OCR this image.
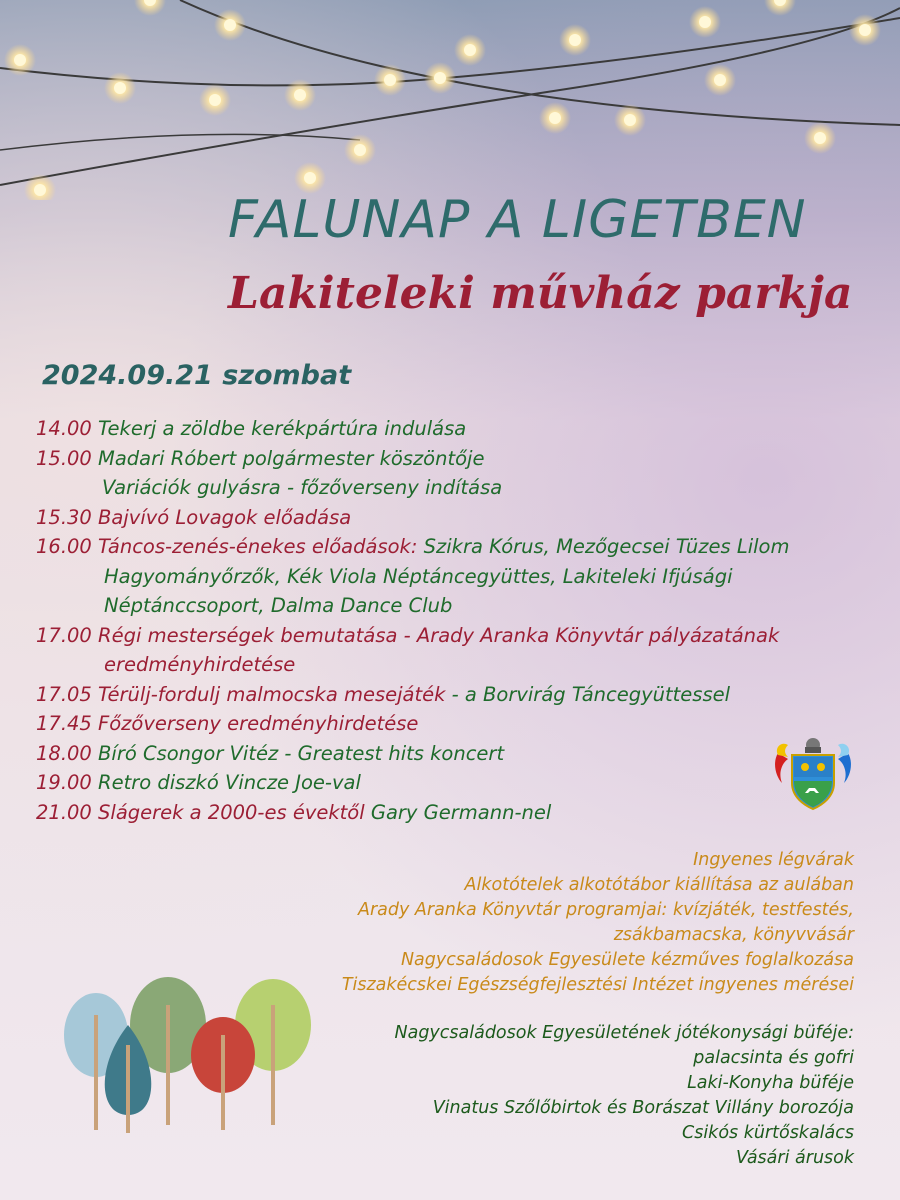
FALUNAP A LIGETBEN
Lakiteleki művház parkja
2024.09.21 szombat
14.00 Tekerj a zöldbe kerékpártúra indulása
15.00 Madari Róbert polgármester köszöntője
Variációk gulyásra - főzőverseny indítása
15.30 Bajvívó Lovagok előadása
16.00 Táncos-zenés-énekes előadások: Szikra Kórus, Mezőgecsei Tüzes Lilom
Hagyományőrzők, Kék Viola Néptáncegyüttes, Lakiteleki Ifjúsági
Néptánccsoport, Dalma Dance Club
17.00 Régi mesterségek bemutatása - Arady Aranka Könyvtár pályázatának
eredményhirdetése
17.05 Térülj-fordulj malmocska mesejáték - a Borvirág Táncegyüttessel
17.45 Főzőverseny eredményhirdetése
18.00 Bíró Csongor Vitéz - Greatest hits koncert
19.00 Retro diszkó Vincze Joe-val
21.00 Slágerek a 2000-es évektől Gary Germann-nel
Ingyenes légvárak
Alkotótelek alkotótábor kiállítása az aulában
Arady Aranka Könyvtár programjai: kvízjáték, testfestés,
zsákbamacska, könyvvásár
Nagycsaládosok Egyesülete kézműves foglalkozása
Tiszakécskei Egészségfejlesztési Intézet ingyenes mérései
Nagycsaládosok Egyesületének jótékonysági büféje:
palacsinta és gofri
Laki-Konyha büféje
Vinatus Szőlőbirtok és Borászat Villány borozója
Csikós kürtőskalács
Vásári árusok
